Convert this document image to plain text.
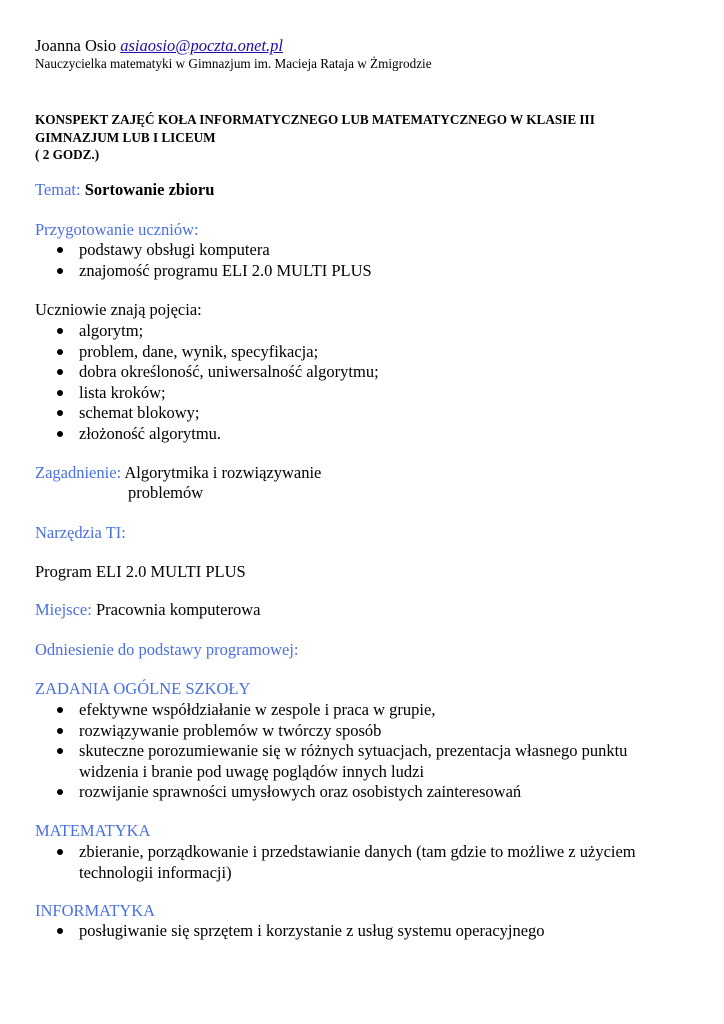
Joanna Osio asiaosio@poczta.onet.pl

Nauczycielka matematyki w Gimnazjum im. Macieja Rataja w Żmigrodzie

KONSPEKT ZAJĘĆ KOŁA INFORMATYCZNEGO LUB MATEMATYCZNEGO W KLASIE III
GIMNAZJUM LUB I LICEUM
( 2 GODZ.)

Temat: Sortowanie zbioru

Przygotowanie uczniów:

podstawy obsługi komputera
znajomość programu ELI 2.0 MULTI PLUS

Uczniowie znają pojęcia:

algorytm;
problem, dane, wynik, specyfikacja;
dobra określoność, uniwersalność algorytmu;
lista kroków;
schemat blokowy;
złożoność algorytmu.

Zagadnienie: Algorytmika i rozwiązywanie

problemów

Narzędzia TI:

Program ELI 2.0 MULTI PLUS

Miejsce: Pracownia komputerowa

Odniesienie do podstawy programowej:

ZADANIA OGÓLNE SZKOŁY

efektywne współdziałanie w zespole i praca w grupie,
rozwiązywanie problemów w twórczy sposób
skuteczne porozumiewanie się w różnych sytuacjach, prezentacja własnego punktu
widzenia i branie pod uwagę poglądów innych ludzi
rozwijanie sprawności umysłowych oraz osobistych zainteresowań

MATEMATYKA

zbieranie, porządkowanie i przedstawianie danych (tam gdzie to możliwe z użyciem
technologii informacji)

INFORMATYKA

posługiwanie się sprzętem i korzystanie z usług systemu operacyjnego
